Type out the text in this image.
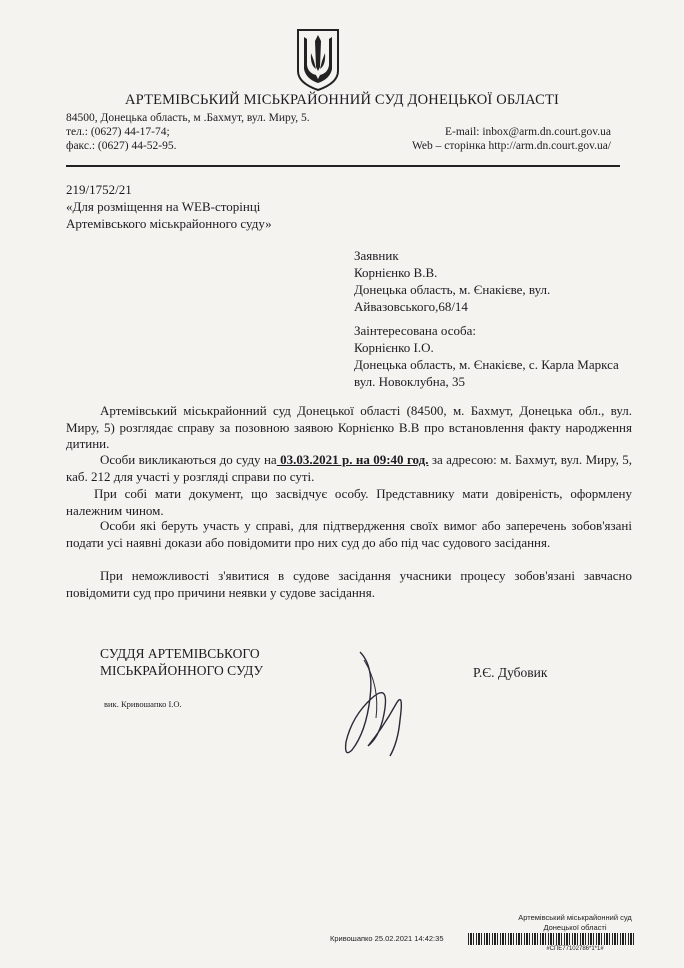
АРТЕМІВСЬКИЙ МІСЬКРАЙОННИЙ СУД ДОНЕЦЬКОЇ ОБЛАСТІ
84500, Донецька область, м .Бахмут, вул. Миру, 5.
тел.: (0627) 44-17-74;
факс.: (0627) 44-52-95.
E-mail: inbox@arm.dn.court.gov.ua
Web – сторінка http://arm.dn.court.gov.ua/
219/1752/21
«Для розміщення на WEB-сторінці
Артемівського міськрайонного суду»
Заявник
Корнієнко В.В.
Донецька область, м. Єнакієве, вул.
Айвазовського,68/14
Заінтересована особа:
Корнієнко І.О.
Донецька область, м. Єнакієве, с. Карла Маркса
вул. Новоклубна, 35
Артемівський міськрайонний суд Донецької області (84500, м. Бахмут, Донецька обл., вул. Миру, 5) розглядає справу за позовною заявою Корнієнко В.В про встановлення факту народження дитини.
Особи викликаються до суду на 03.03.2021 р. на 09:40 год. за адресою: м. Бахмут, вул. Миру, 5, каб. 212 для участі у розгляді справи по суті.
При собі мати документ, що засвідчує особу. Представнику мати довіреність, оформлену належним чином.
Особи які беруть участь у справі, для підтвердження своїх вимог або заперечень зобов'язані подати усі наявні докази або повідомити про них суд до або під час судового засідання.
При неможливості з'явитися в судове засідання учасники процесу зобов'язані завчасно повідомити суд про причини неявки у судове засідання.
СУДДЯ АРТЕМІВСЬКОГО
МІСЬКРАЙОННОГО СУДУ	Р.Є. Дубовик
вик. Кривошапко І.О.
Артемівський міськрайонний суд
Донецької області
Кривошапко 25.02.2021 14:42:35
#СПЕ77102786*1*1#
